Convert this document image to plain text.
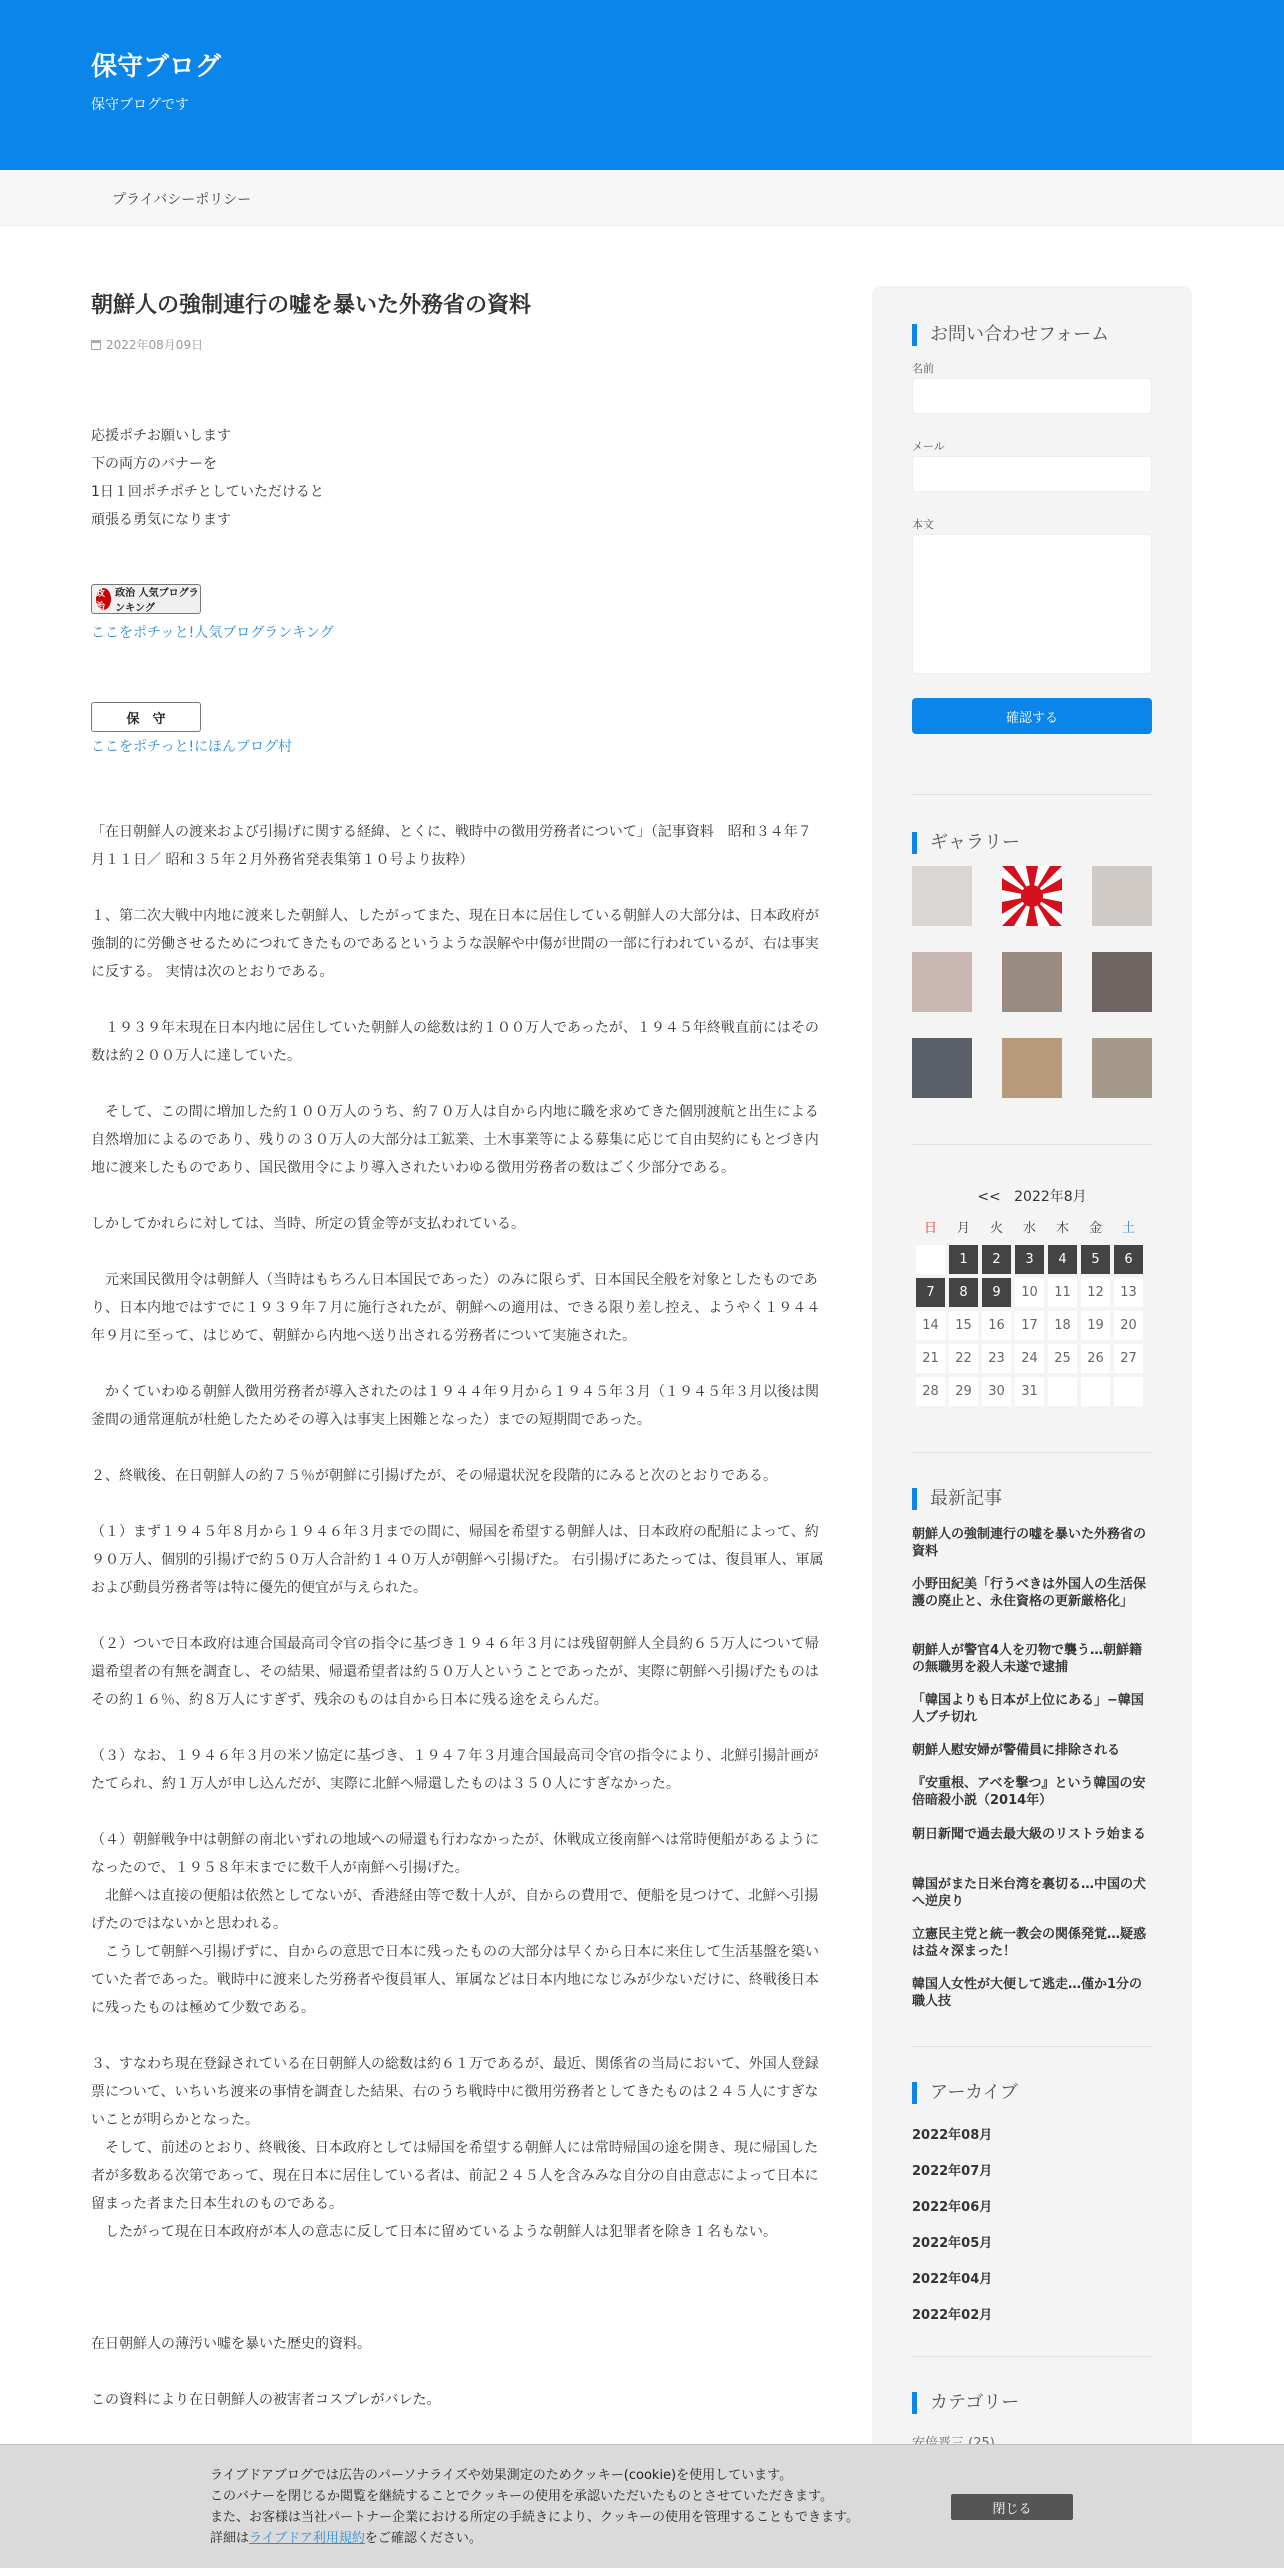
保守ブログ
保守ブログです
プライバシーポリシー
朝鮮人の強制連行の嘘を暴いた外務省の資料
2022年08月09日

応援ポチお願いします

下の両方のバナーを

1日１回ポチポチとしていただけると

頑張る勇気になります

政治
政治 人気ブログランキング
ここをポチッと!人気ブログランキング
保　守
ここをポチっと!にほんブログ村

「在日朝鮮人の渡来および引揚げに関する経緯、とくに、戦時中の徴用労務者について」（記事資料　昭和３４年７月１１日／ 昭和３５年２月外務省発表集第１０号より抜粋）

１、第二次大戦中内地に渡来した朝鮮人、したがってまた、現在日本に居住している朝鮮人の大部分は、日本政府が強制的に労働させるためにつれてきたものであるというような誤解や中傷が世間の一部に行われているが、右は事実に反する。 実情は次のとおりである。

　１９３９年末現在日本内地に居住していた朝鮮人の総数は約１００万人であったが、１９４５年終戦直前にはその数は約２００万人に達していた。

　そして、この間に増加した約１００万人のうち、約７０万人は自から内地に職を求めてきた個別渡航と出生による自然増加によるのであり、残りの３０万人の大部分は工鉱業、土木事業等による募集に応じて自由契約にもとづき内地に渡来したものであり、国民徴用令により導入されたいわゆる徴用労務者の数はごく少部分である。

しかしてかれらに対しては、当時、所定の賃金等が支払われている。

　元来国民徴用令は朝鮮人（当時はもちろん日本国民であった）のみに限らず、日本国民全般を対象としたものであり、日本内地ではすでに１９３９年７月に施行されたが、朝鮮への適用は、できる限り差し控え、ようやく１９４４年９月に至って、はじめて、朝鮮から内地へ送り出される労務者について実施された。

　かくていわゆる朝鮮人徴用労務者が導入されたのは１９４４年９月から１９４５年３月（１９４５年３月以後は関釜間の通常運航が杜絶したためその導入は事実上困難となった）までの短期間であった。

２、終戦後、在日朝鮮人の約７５％が朝鮮に引揚げたが、その帰還状況を段階的にみると次のとおりである。

（１）まず１９４５年８月から１９４６年３月までの間に、帰国を希望する朝鮮人は、日本政府の配船によって、約９０万人、個別的引揚げで約５０万人合計約１４０万人が朝鮮へ引揚げた。 右引揚げにあたっては、復員軍人、軍属および動員労務者等は特に優先的便宜が与えられた。

（２）ついで日本政府は連合国最高司令官の指令に基づき１９４６年３月には残留朝鮮人全員約６５万人について帰還希望者の有無を調査し、その結果、帰還希望者は約５０万人ということであったが、実際に朝鮮へ引揚げたものはその約１６％、約８万人にすぎず、残余のものは自から日本に残る途をえらんだ。

（３）なお、１９４６年３月の米ソ協定に基づき、１９４７年３月連合国最高司令官の指令により、北鮮引揚計画がたてられ、約１万人が申し込んだが、実際に北鮮へ帰還したものは３５０人にすぎなかった。

（４）朝鮮戦争中は朝鮮の南北いずれの地域への帰還も行わなかったが、休戦成立後南鮮へは常時便船があるようになったので、１９５８年末までに数千人が南鮮へ引揚げた。
　北鮮へは直接の便船は依然としてないが、香港経由等で数十人が、自からの費用で、便船を見つけて、北鮮へ引揚げたのではないかと思われる。
　こうして朝鮮へ引揚げずに、自からの意思で日本に残ったものの大部分は早くから日本に来住して生活基盤を築いていた者であった。戦時中に渡来した労務者や復員軍人、軍属などは日本内地になじみが少ないだけに、終戦後日本に残ったものは極めて少数である。

３、すなわち現在登録されている在日朝鮮人の総数は約６１万であるが、最近、関係省の当局において、外国人登録票について、いちいち渡来の事情を調査した結果、右のうち戦時中に徴用労務者としてきたものは２４５人にすぎないことが明らかとなった。
　そして、前述のとおり、終戦後、日本政府としては帰国を希望する朝鮮人には常時帰国の途を開き、現に帰国した者が多数ある次第であって、現在日本に居住している者は、前記２４５人を含みみな自分の自由意志によって日本に留まった者また日本生れのものである。
　したがって現在日本政府が本人の意志に反して日本に留めているような朝鮮人は犯罪者を除き１名もない。

在日朝鮮人の薄汚い嘘を暴いた歴史的資料。

この資料により在日朝鮮人の被害者コスプレがバレた。

お問い合わせフォーム
名前
メール
本文
確認する
ギャラリー
<< 2022年8月
日	月	火	水	木	金	土
	1	2	3	4	5	6
7	8	9	10	11	12	13
14	15	16	17	18	19	20
21	22	23	24	25	26	27
28	29	30	31			
最新記事
朝鮮人の強制連行の嘘を暴いた外務省の資料
小野田紀美「行うべきは外国人の生活保護の廃止と、永住資格の更新厳格化」
朝鮮人が警官4人を刃物で襲う…朝鮮籍の無職男を殺人未遂で逮捕
「韓国よりも日本が上位にある」−韓国人ブチ切れ
朝鮮人慰安婦が警備員に排除される
『安重根、アベを撃つ』という韓国の安倍暗殺小説（2014年）
朝日新聞で過去最大級のリストラ始まる
韓国がまた日米台湾を裏切る…中国の犬へ逆戻り
立憲民主党と統一教会の関係発覚…疑惑は益々深まった！
韓国人女性が大便して逃走…僅か1分の職人技
アーカイブ
2022年08月
2022年07月
2022年06月
2022年05月
2022年04月
2022年02月
カテゴリー
ライブドアブログでは広告のパーソナライズや効果測定のためクッキー(cookie)を使用しています。
このバナーを閉じるか閲覧を継続することでクッキーの使用を承認いただいたものとさせていただきます。
また、お客様は当社パートナー企業における所定の手続きにより、クッキーの使用を管理することもできます。
詳細はライブドア利用規約をご確認ください。
閉じる
